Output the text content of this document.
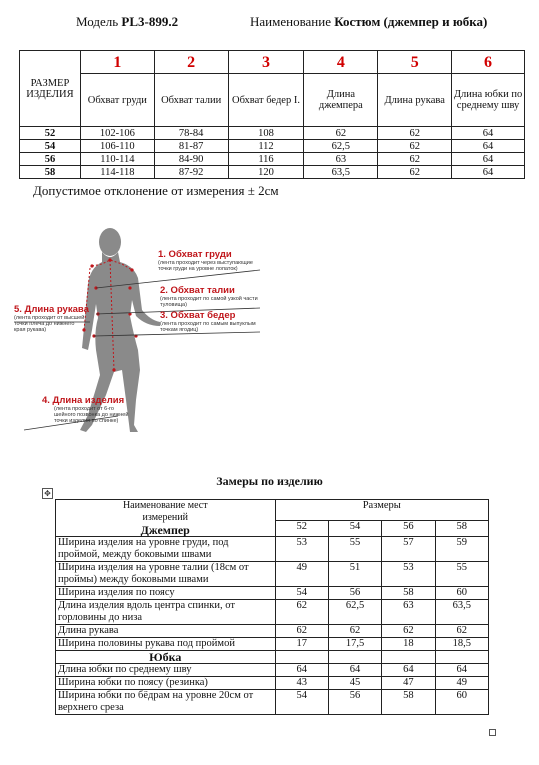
Модель PL3-899.2	Наименование Костюм (джемпер и юбка)
РАЗМЕР ИЗДЕЛИЯ	1	2	3	4	5	6
	Обхват груди	Обхват талии	Обхват бедер I.	Длина джемпера	Длина рукава	Длина юбки по среднему шву
52	102-106	78-84	108	62	62	64
54	106-110	81-87	112	62,5	62	64
56	110-114	84-90	116	63	62	64
58	114-118	87-92	120	63,5	62	64
Допустимое отклонение от измерения ± 2см
1. Обхват груди
(лента проходит через выступающие точки груди на уровне лопаток)
2. Обхват талии
(лента проходит по самой узкой части туловища)
3. Обхват бедер
(лента проходит по самым выпуклым точкам ягодиц)
5. Длина рукава
(лента проходит от высшей точки плеча до нижнего края рукава)
4. Длина изделия
(лента проходит от 6-го шейного позвонка до нижней точки изделия по спинке)
Замеры по изделию
✥
Наименование мест измерений
Джемпер	Размеры			
	52	54	56	58
Ширина изделия на уровне груди, под проймой, между боковыми швами	53	55	57	59
Ширина изделия на уровне талии (18см от проймы) между боковыми швами	49	51	53	55
Ширина изделия по поясу	54	56	58	60
Длина изделия вдоль центра спинки, от горловины до низа	62	62,5	63	63,5
Длина рукава	62	62	62	62
Ширина половины рукава под проймой	17	17,5	18	18,5
Юбка				
Длина юбки по среднему шву	64	64	64	64
Ширина юбки по поясу (резинка)	43	45	47	49
Ширина юбки по бёдрам на уровне 20см от верхнего среза	54	56	58	60
